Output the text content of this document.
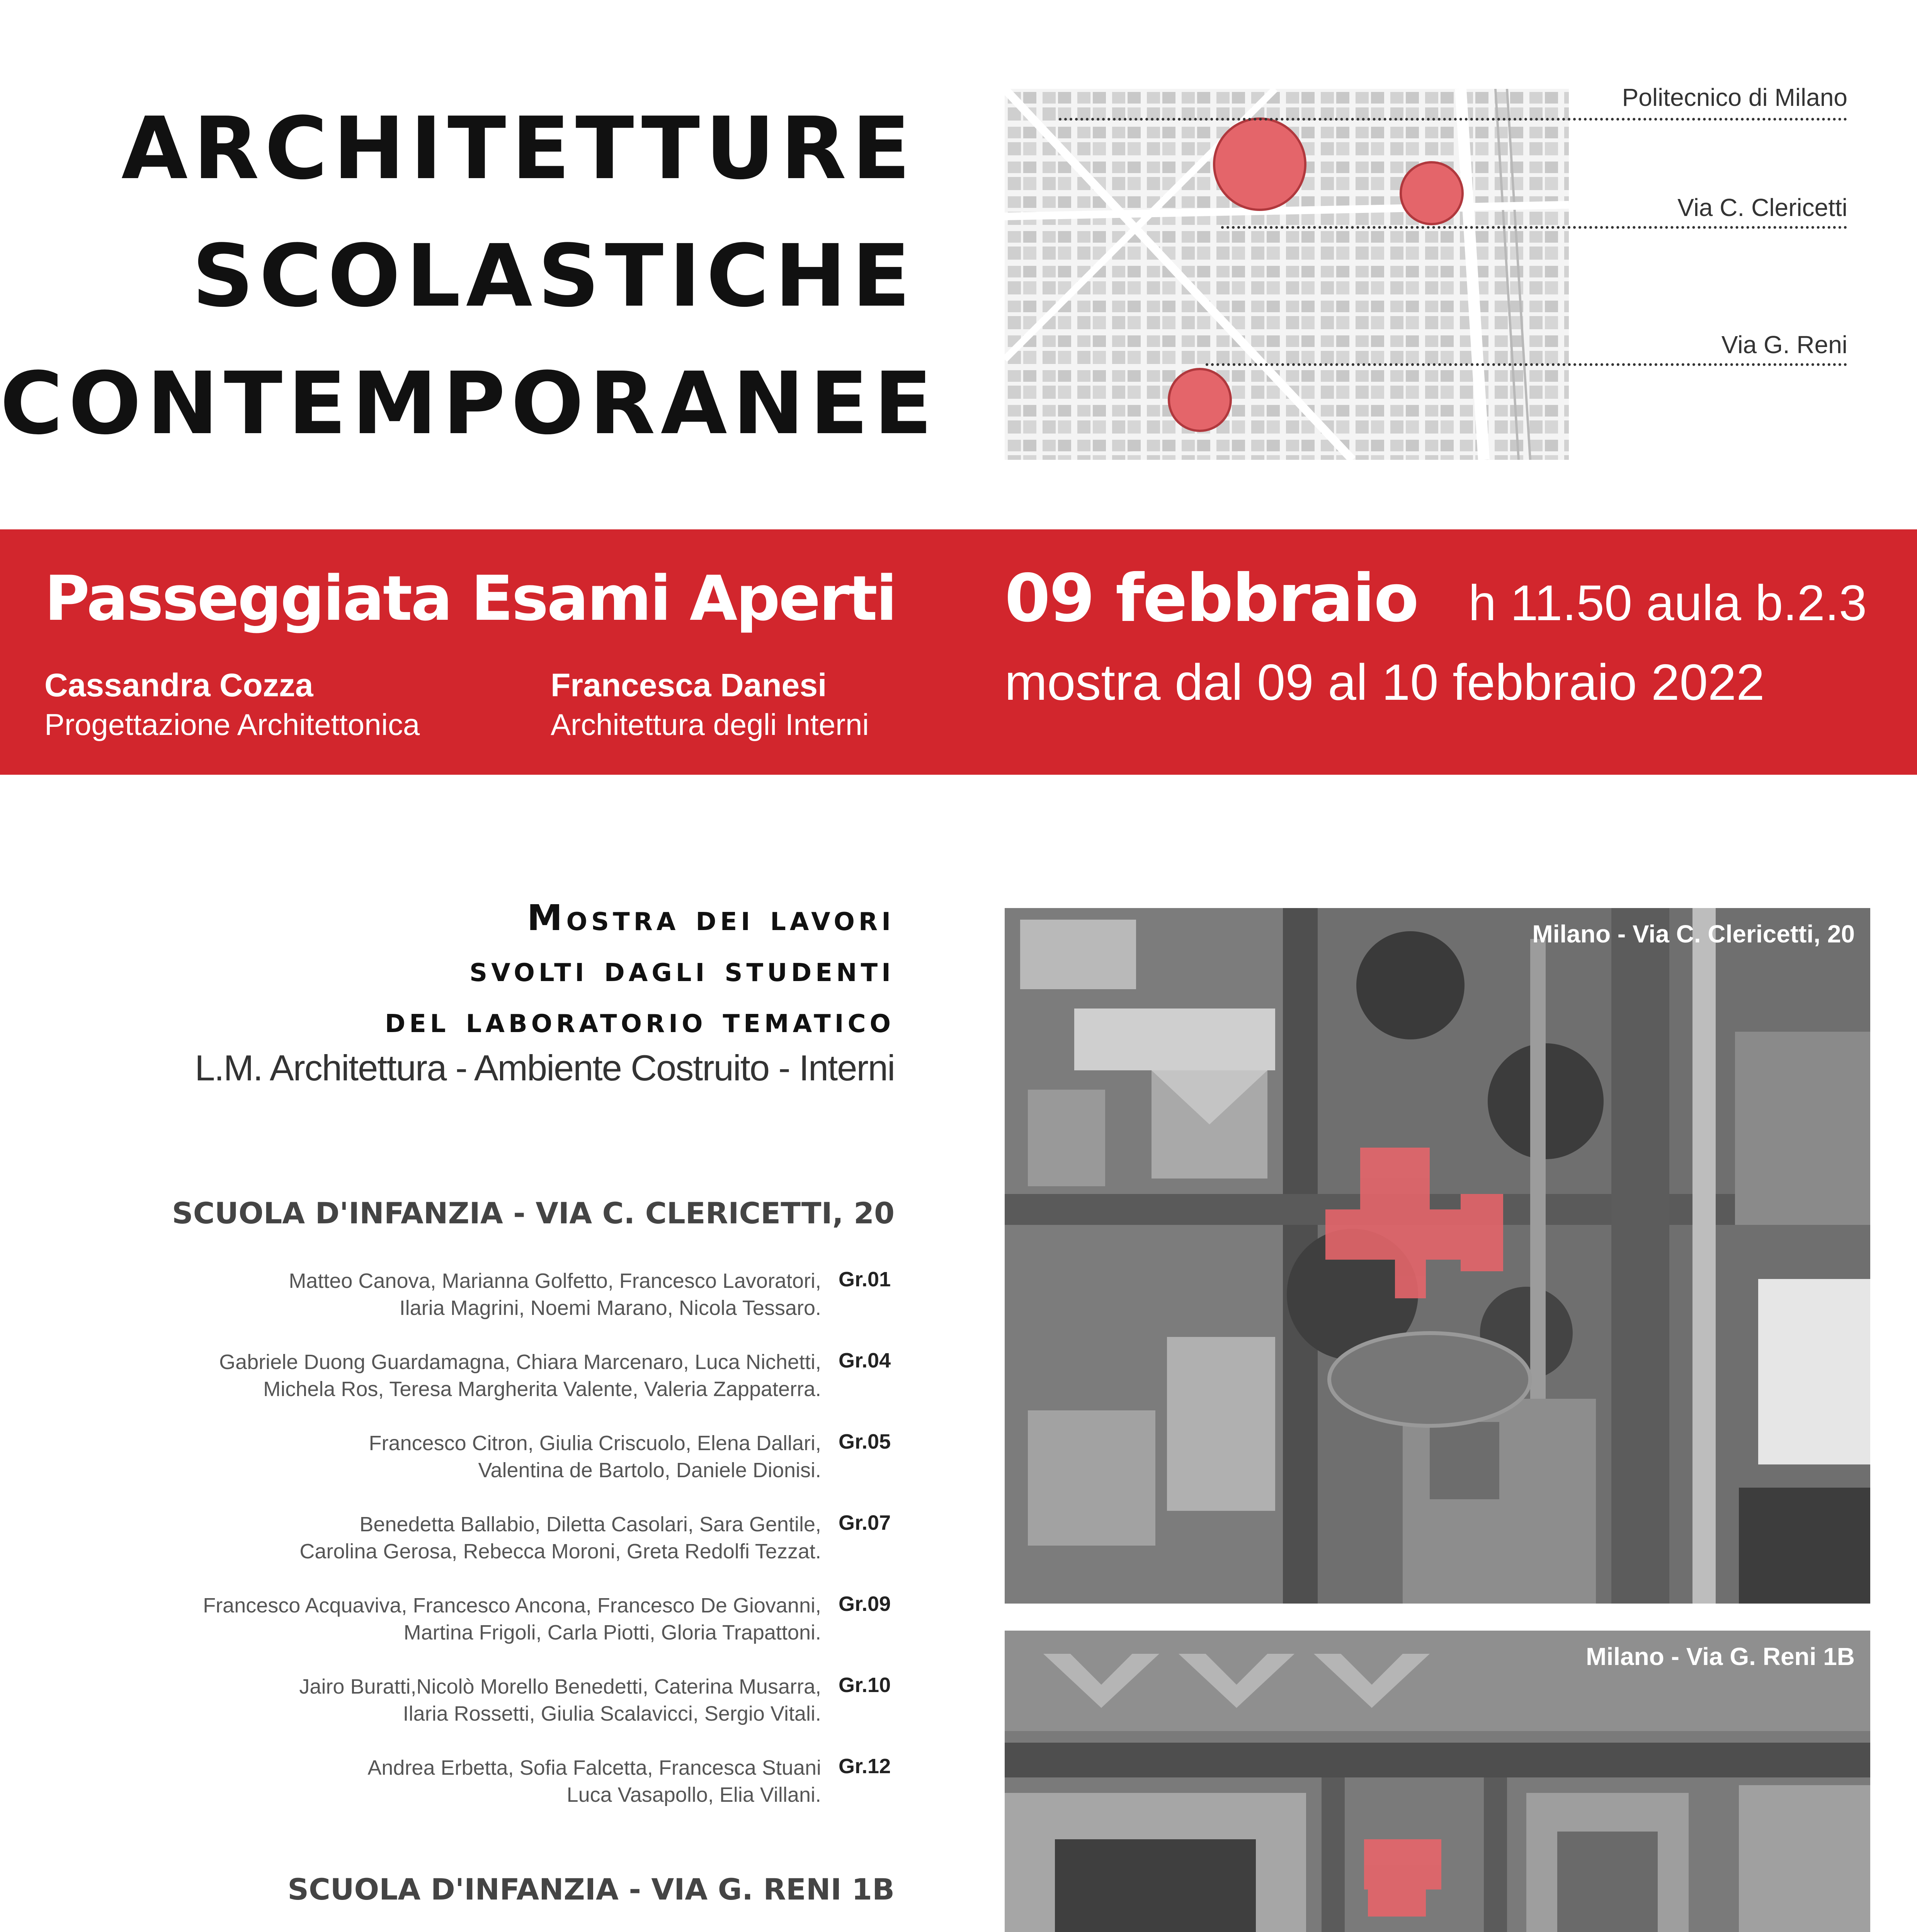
ARCHITETTURE
SCOLASTICHE
CONTEMPORANEE
Politecnico di Milano
Via C. Clericetti
Via G. Reni
Passeggiata Esami Aperti
Cassandra Cozza
Progettazione Architettonica
Francesca Danesi
Architettura degli Interni
09 febbraio h 11.50 aula b.2.3
mostra dal 09 al 10 febbraio 2022
Mostra dei lavori
svolti dagli studenti
del laboratorio tematico
L.M. Architettura - Ambiente Costruito - Interni
SCUOLA D'INFANZIA - VIA C. CLERICETTI, 20
Matteo Canova, Marianna Golfetto, Francesco Lavoratori,
Ilaria Magrini, Noemi Marano, Nicola Tessaro.
Gr.01
Gabriele Duong Guardamagna, Chiara Marcenaro, Luca Nichetti,
Michela Ros, Teresa Margherita Valente, Valeria Zappaterra.
Gr.04
Francesco Citron, Giulia Criscuolo, Elena Dallari,
Valentina de Bartolo, Daniele Dionisi.
Gr.05
Benedetta Ballabio, Diletta Casolari, Sara Gentile,
Carolina Gerosa, Rebecca Moroni, Greta Redolfi Tezzat.
Gr.07
Francesco Acquaviva, Francesco Ancona, Francesco De Giovanni,
Martina Frigoli, Carla Piotti, Gloria Trapattoni.
Gr.09
Jairo Buratti,Nicolò Morello Benedetti, Caterina Musarra,
Ilaria Rossetti, Giulia Scalavicci, Sergio Vitali.
Gr.10
Andrea Erbetta, Sofia Falcetta, Francesca Stuani
Luca Vasapollo, Elia Villani.
Gr.12
SCUOLA D'INFANZIA - VIA G. RENI 1B
Milano - Via C. Clericetti, 20
Milano - Via G. Reni 1B
